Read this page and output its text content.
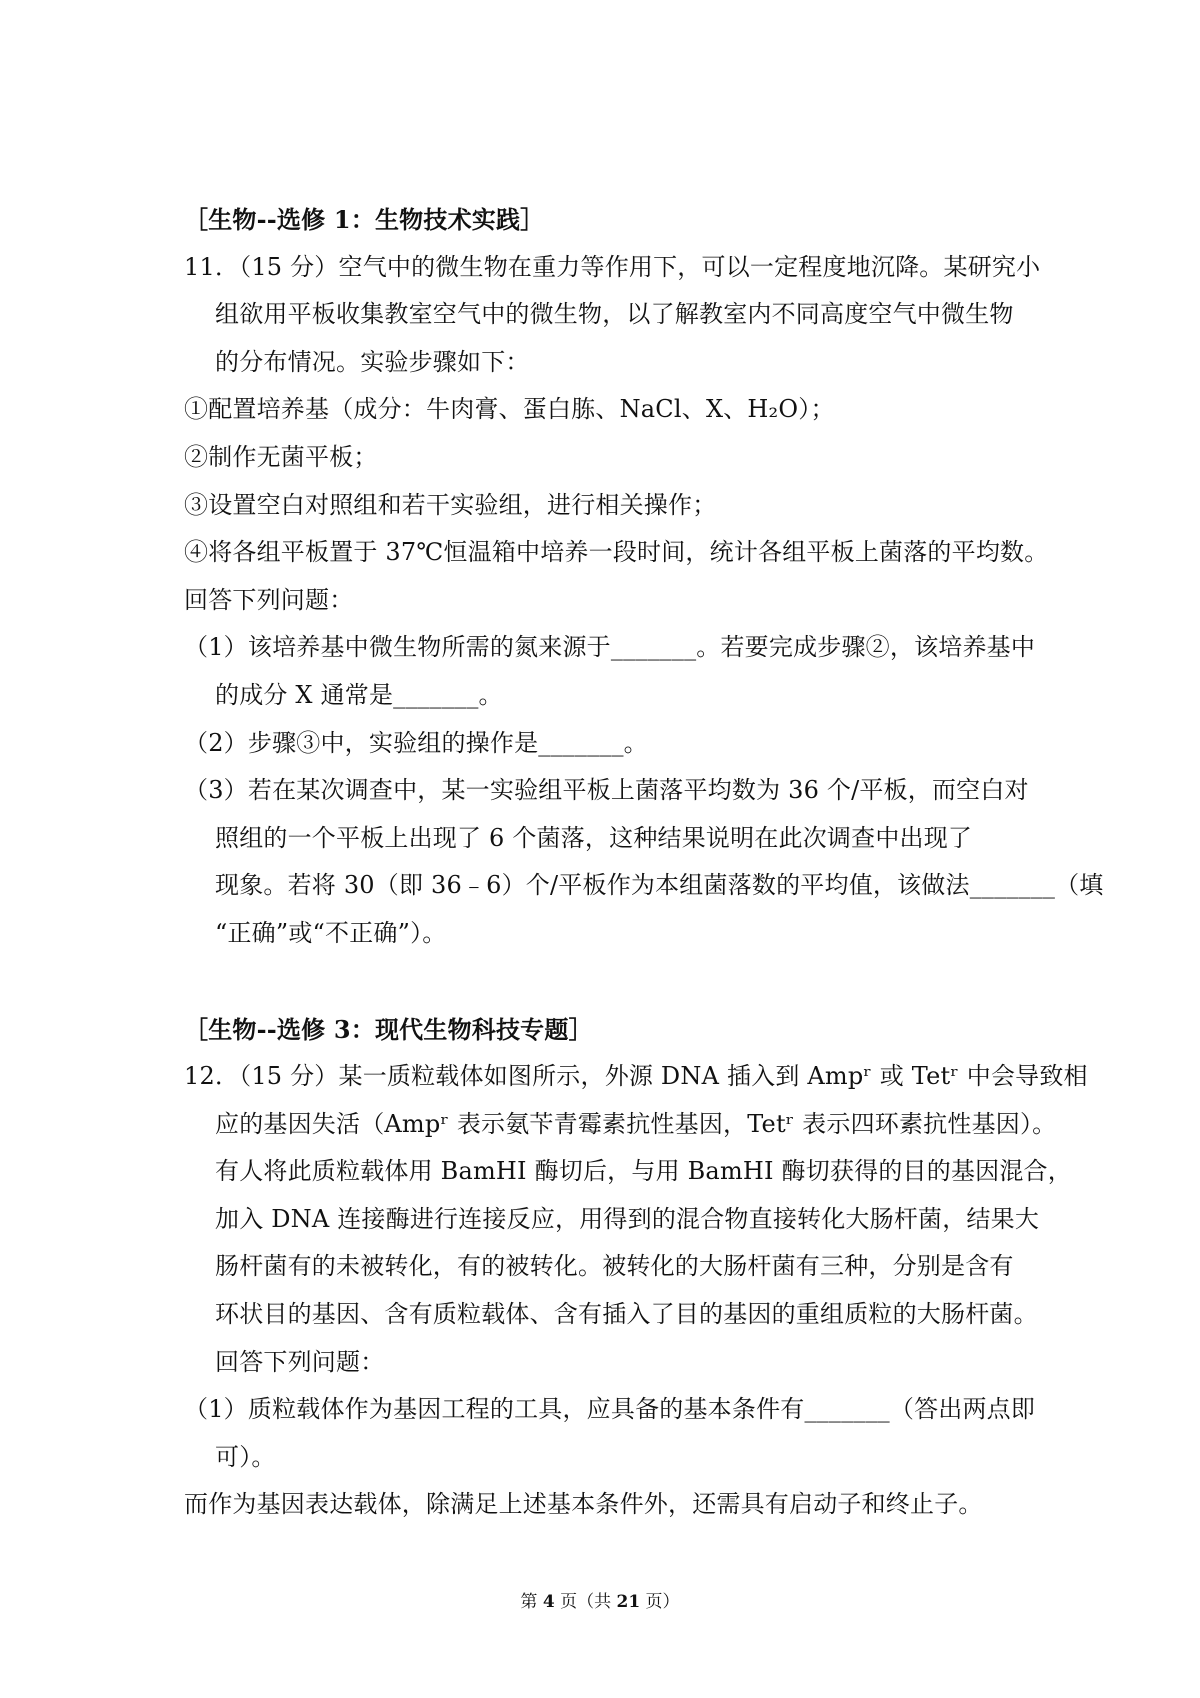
［生物--选修 1：生物技术实践］
11．（15 分）空气中的微生物在重力等作用下，可以一定程度地沉降。某研究小
组欲用平板收集教室空气中的微生物，以了解教室内不同高度空气中微生物
的分布情况。实验步骤如下：
①配置培养基（成分：牛肉膏、蛋白胨、NaCl、X、H₂O）；
②制作无菌平板；
③设置空白对照组和若干实验组，进行相关操作；
④将各组平板置于 37℃恒温箱中培养一段时间，统计各组平板上菌落的平均数。
回答下列问题：
（1）该培养基中微生物所需的氮来源于_______。若要完成步骤②，该培养基中
的成分 X 通常是_______。
（2）步骤③中，实验组的操作是_______。
（3）若在某次调查中，某一实验组平板上菌落平均数为 36 个/平板，而空白对
照组的一个平板上出现了 6 个菌落，这种结果说明在此次调查中出现了
现象。若将 30（即 36﹣6）个/平板作为本组菌落数的平均值，该做法_______（填
“正确”或“不正确”）。
［生物--选修 3：现代生物科技专题］
12．（15 分）某一质粒载体如图所示，外源 DNA 插入到 Ampʳ 或 Tetʳ 中会导致相
应的基因失活（Ampʳ 表示氨苄青霉素抗性基因，Tetʳ 表示四环素抗性基因）。
有人将此质粒载体用 BamHI 酶切后，与用 BamHI 酶切获得的目的基因混合，
加入 DNA 连接酶进行连接反应，用得到的混合物直接转化大肠杆菌，结果大
肠杆菌有的未被转化，有的被转化。被转化的大肠杆菌有三种，分别是含有
环状目的基因、含有质粒载体、含有插入了目的基因的重组质粒的大肠杆菌。
回答下列问题：
（1）质粒载体作为基因工程的工具，应具备的基本条件有_______（答出两点即
可）。
而作为基因表达载体，除满足上述基本条件外，还需具有启动子和终止子。
第 4 页（共 21 页）
